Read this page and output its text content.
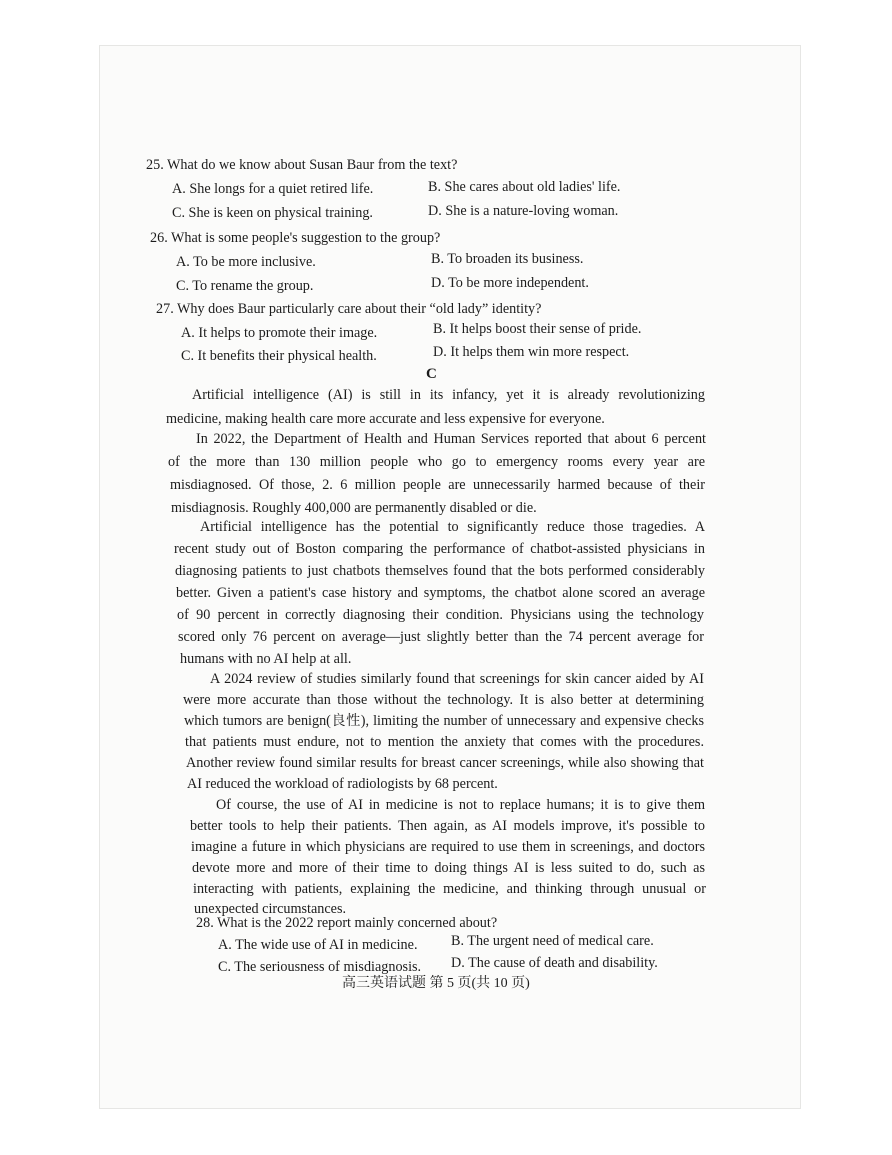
25. What do we know about Susan Baur from the text?
A. She longs for a quiet retired life.	B. She cares about old ladies' life.
C. She is keen on physical training.	D. She is a nature-loving woman.
26. What is some people's suggestion to the group?
A. To be more inclusive.	B. To broaden its business.
C. To rename the group.	D. To be more independent.
27. Why does Baur particularly care about their “old lady” identity?
A. It helps to promote their image.	B. It helps boost their sense of pride.
C. It benefits their physical health.	D. It helps them win more respect.
C
Artificial intelligence (AI) is still in its infancy, yet it is already revolutionizing
medicine, making health care more accurate and less expensive for everyone.
In 2022, the Department of Health and Human Services reported that about 6 percent
of the more than 130 million people who go to emergency rooms every year are
misdiagnosed. Of those, 2. 6 million people are unnecessarily harmed because of their
misdiagnosis. Roughly 400,000 are permanently disabled or die.
Artificial intelligence has the potential to significantly reduce those tragedies. A
recent study out of Boston comparing the performance of chatbot-assisted physicians in
diagnosing patients to just chatbots themselves found that the bots performed considerably
better. Given a patient's case history and symptoms, the chatbot alone scored an average
of 90 percent in correctly diagnosing their condition. Physicians using the technology
scored only 76 percent on average—just slightly better than the 74 percent average for
humans with no AI help at all.
A 2024 review of studies similarly found that screenings for skin cancer aided by AI
were more accurate than those without the technology. It is also better at determining
which tumors are benign(良性), limiting the number of unnecessary and expensive checks
that patients must endure, not to mention the anxiety that comes with the procedures.
Another review found similar results for breast cancer screenings, while also showing that
AI reduced the workload of radiologists by 68 percent.
Of course, the use of AI in medicine is not to replace humans; it is to give them
better tools to help their patients. Then again, as AI models improve, it's possible to
imagine a future in which physicians are required to use them in screenings, and doctors
devote more and more of their time to doing things AI is less suited to do, such as
interacting with patients, explaining the medicine, and thinking through unusual or
unexpected circumstances.
28. What is the 2022 report mainly concerned about?
A. The wide use of AI in medicine. B. The urgent need of medical care.
C. The seriousness of misdiagnosis. D. The cause of death and disability.
高三英语试题 第 5 页(共 10 页)
